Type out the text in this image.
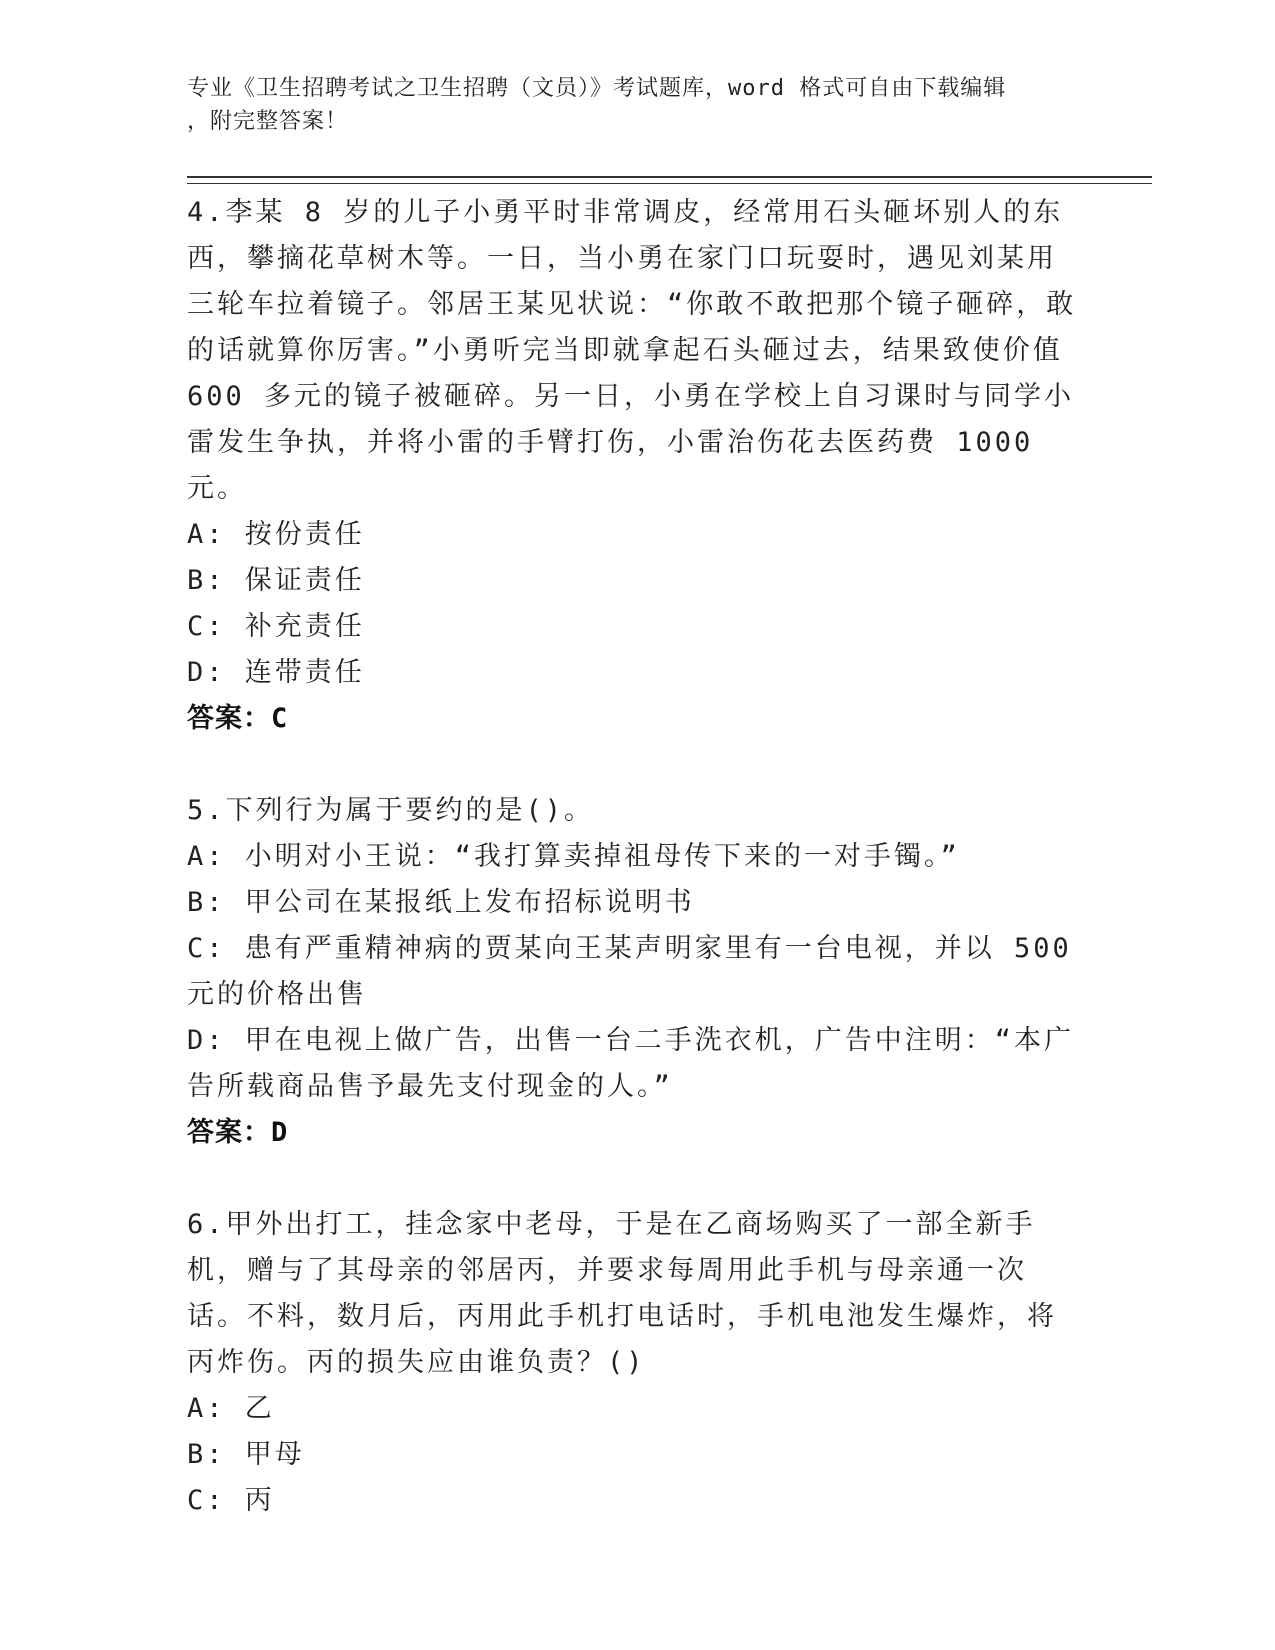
专业《卫生招聘考试之卫生招聘（文员）》考试题库，word 格式可自由下载编辑
，附完整答案！
4.李某 8 岁的儿子小勇平时非常调皮，经常用石头砸坏别人的东西，攀摘花草树木等。一日，当小勇在家门口玩耍时，遇见刘某用三轮车拉着镜子。邻居王某见状说：“你敢不敢把那个镜子砸碎，敢的话就算你厉害。”小勇听完当即就拿起石头砸过去，结果致使价值 600 多元的镜子被砸碎。另一日，小勇在学校上自习课时与同学小雷发生争执，并将小雷的手臂打伤，小雷治伤花去医药费 1000 元。
A: 按份责任
B: 保证责任
C: 补充责任
D: 连带责任
答案：C
5.下列行为属于要约的是()。
A: 小明对小王说：“我打算卖掉祖母传下来的一对手镯。”
B: 甲公司在某报纸上发布招标说明书
C: 患有严重精神病的贾某向王某声明家里有一台电视，并以 500 元的价格出售
D: 甲在电视上做广告，出售一台二手洗衣机，广告中注明：“本广告所载商品售予最先支付现金的人。”
答案：D
6.甲外出打工，挂念家中老母，于是在乙商场购买了一部全新手机，赠与了其母亲的邻居丙，并要求每周用此手机与母亲通一次话。不料，数月后，丙用此手机打电话时，手机电池发生爆炸，将丙炸伤。丙的损失应由谁负责？()
A: 乙
B: 甲母
C: 丙
